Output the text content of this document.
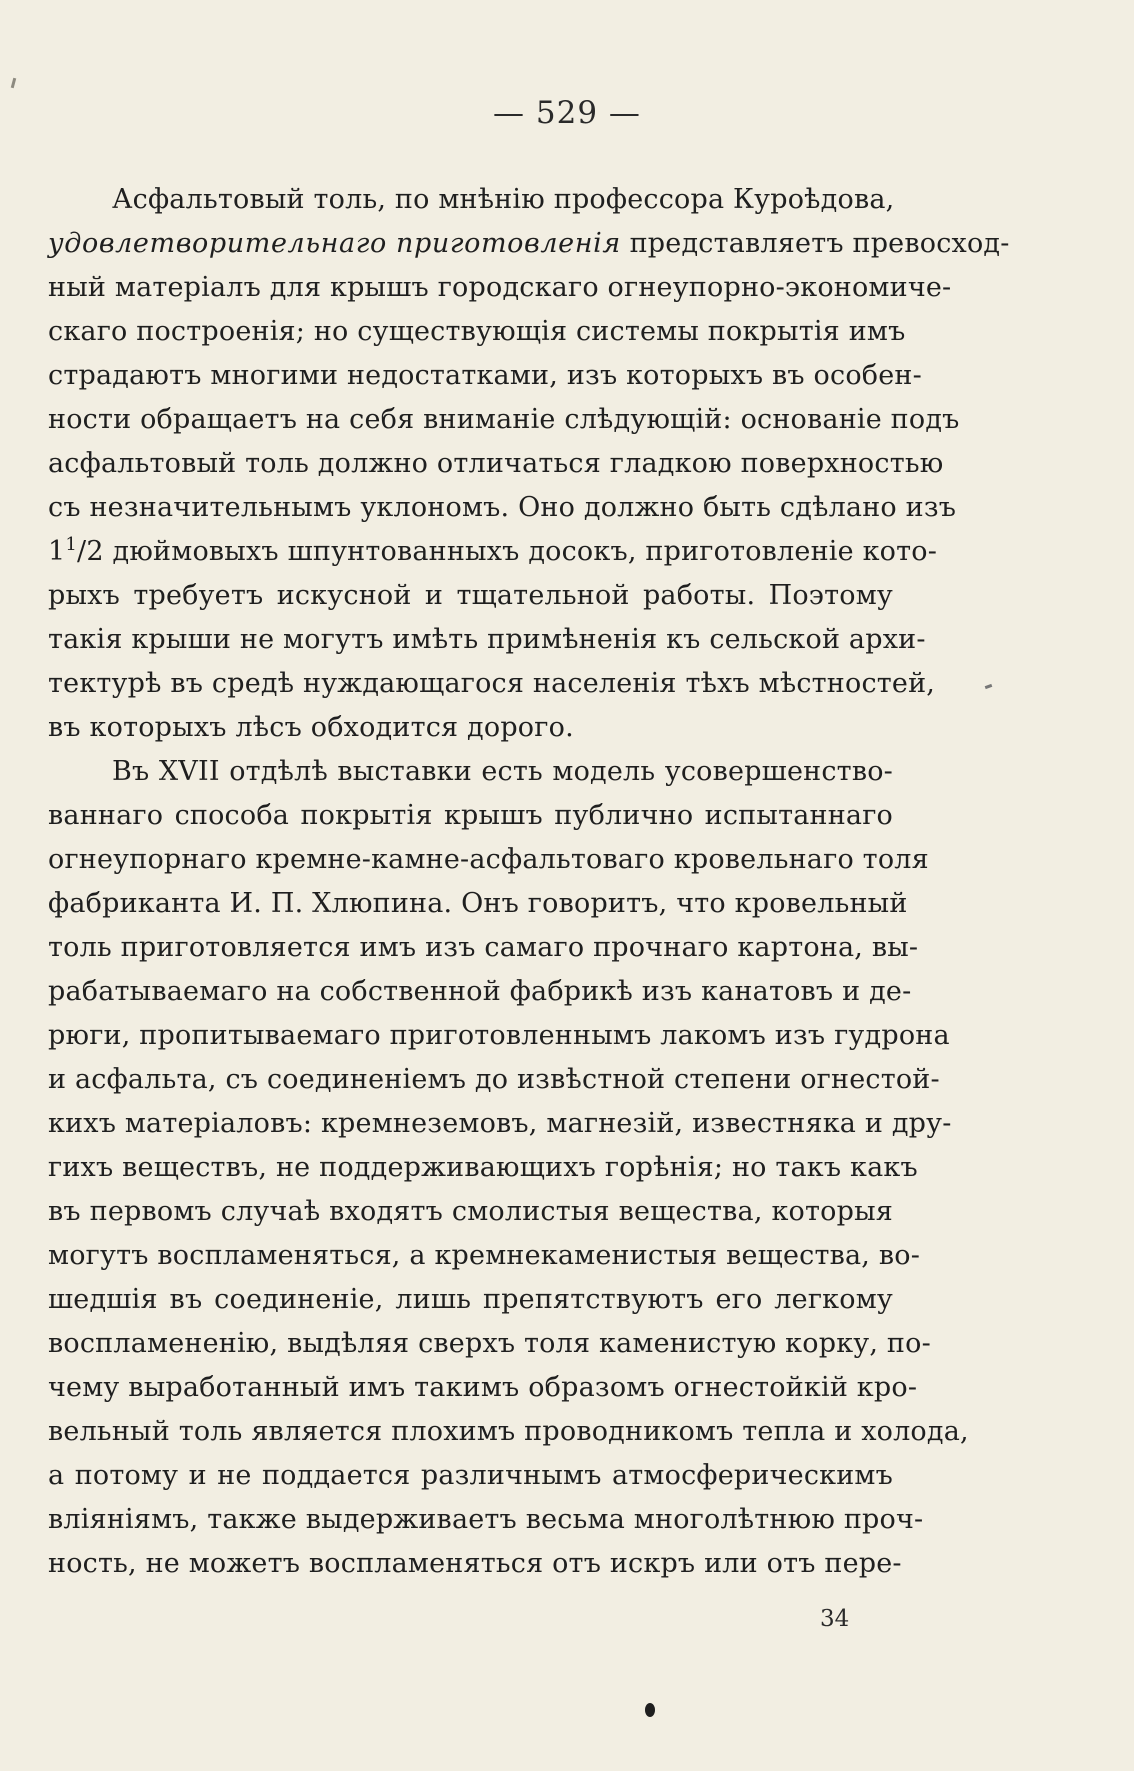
— 529 —
Асфальтовый толь, по мнѣнію профессора Куроѣдова,
удовлетворительнаго приготовленія представляетъ превосход-
ный матеріалъ для крышъ городскаго огнеупорно-экономиче-
скаго построенія; но существующія системы покрытія имъ
страдаютъ многими недостатками, изъ которыхъ въ особен-
ности обращаетъ на себя вниманіе слѣдующій: основаніе подъ
асфальтовый толь должно отличаться гладкою поверхностью
съ незначительнымъ уклономъ. Оно должно быть сдѣлано изъ
$1^1/2$ дюймовыхъ шпунтованныхъ досокъ, приготовленіе кото-
рыхъ требуетъ искусной и тщательной работы. Поэтому
такія крыши не могутъ имѣть примѣненія къ сельской архи-
тектурѣ въ средѣ нуждающагося населенія тѣхъ мѣстностей,
въ которыхъ лѣсъ обходится дорого.
Въ XVII отдѣлѣ выставки есть модель усовершенство-
ваннаго способа покрытія крышъ публично испытаннаго
огнеупорнаго кремне-камне-асфальтоваго кровельнаго толя
фабриканта И. П. Хлюпина. Онъ говоритъ, что кровельный
толь приготовляется имъ изъ самаго прочнаго картона, вы-
рабатываемаго на собственной фабрикѣ изъ канатовъ и де-
рюги, пропитываемаго приготовленнымъ лакомъ изъ гудрона
и асфальта, съ соединеніемъ до извѣстной степени огнестой-
кихъ матеріаловъ: кремнеземовъ, магнезій, известняка и дру-
гихъ веществъ, не поддерживающихъ горѣнія; но такъ какъ
въ первомъ случаѣ входятъ смолистыя вещества, которыя
могутъ воспламеняться, а кремнекаменистыя вещества, во-
шедшія въ соединеніе, лишь препятствуютъ его легкому
воспламененію, выдѣляя сверхъ толя каменистую корку, по-
чему выработанный имъ такимъ образомъ огнестойкій кро-
вельный толь является плохимъ проводникомъ тепла и холода,
а потому и не поддается различнымъ атмосферическимъ
вліяніямъ, также выдерживаетъ весьма многолѣтнюю проч-
ность, не можетъ воспламеняться отъ искръ или отъ пере-
34
